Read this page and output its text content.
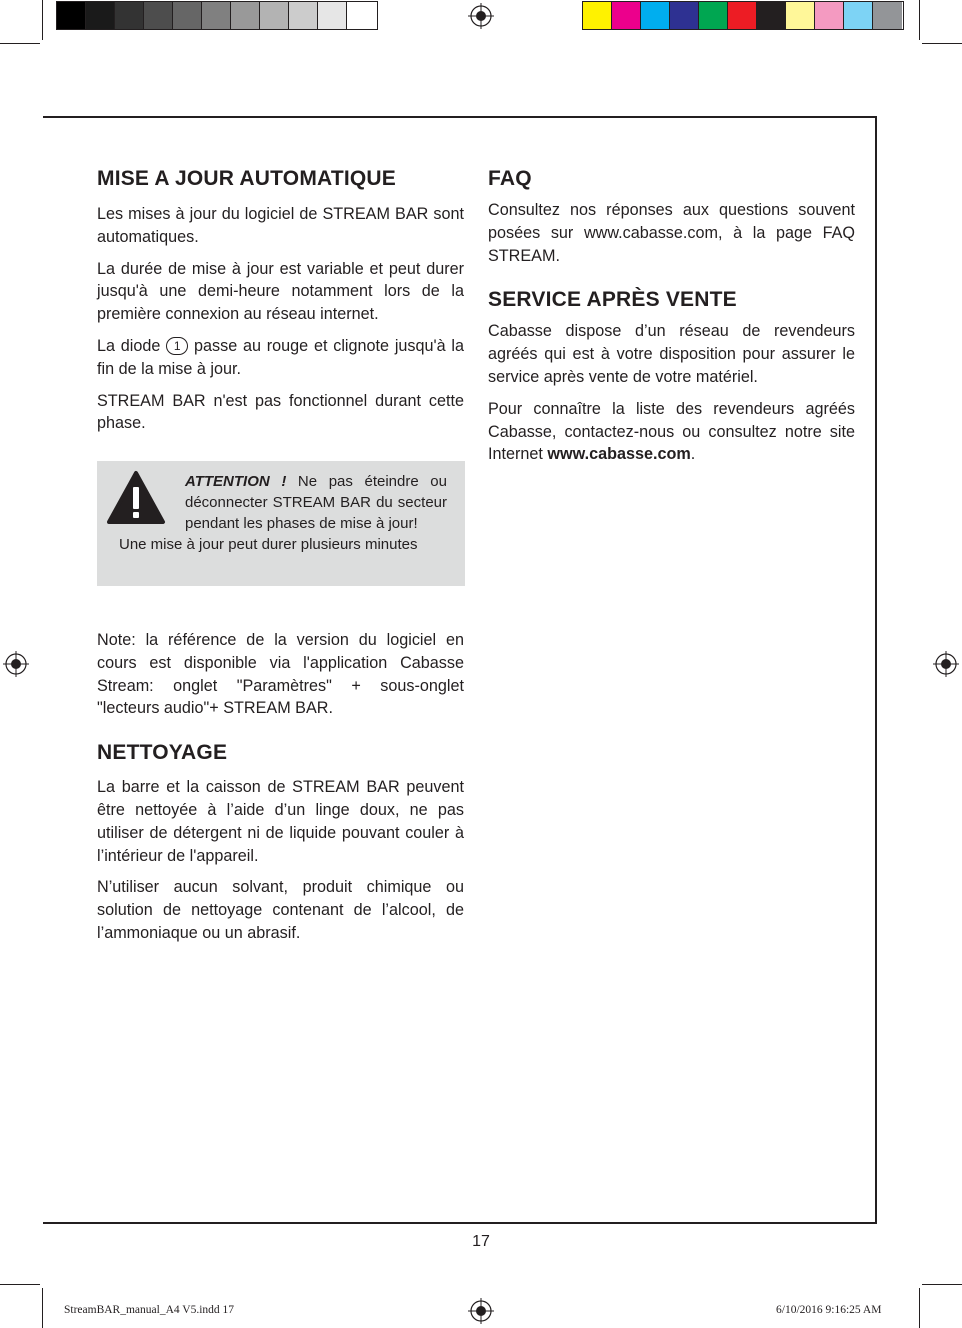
MISE A JOUR AUTOMATIQUE

Les mises à jour du logiciel de STREAM BAR sont automatiques.

La durée de mise à jour est variable et peut durer jusqu'à une demi-heure notamment lors de la première connexion au réseau internet.

La diode 1 passe au rouge et clignote jusqu'à la fin de la mise à jour.

STREAM BAR n'est pas fonctionnel durant cette phase.

ATTENTION ! Ne pas éteindre ou déconnecter STREAM BAR du secteur pendant les phases de mise à jour!
Une mise à jour peut durer plusieurs minutes

Note: la référence de la version du logiciel en cours est disponible via l'application Cabasse Stream: onglet "Paramètres" + sous-onglet "lecteurs audio"+ STREAM BAR.

NETTOYAGE

La barre et la caisson de STREAM BAR peuvent être nettoyée à l’aide d’un linge doux, ne pas utiliser de détergent ni de liquide pouvant couler à l’intérieur de l'appareil.

N’utiliser aucun solvant, produit chimique ou solution de nettoyage contenant de l’alcool, de l’ammoniaque ou un abrasif.

FAQ

Consultez nos réponses aux questions souvent posées sur www.cabasse.com, à la page FAQ STREAM.

SERVICE APRÈS VENTE

Cabasse dispose d’un réseau de revendeurs agréés qui est à votre disposition pour assurer le service après vente de votre matériel.

Pour connaître la liste des revendeurs agréés Cabasse, contactez-nous ou consultez notre site Internet www.cabasse.com.

17
StreamBAR_manual_A4 V5.indd 17	6/10/2016 9:16:25 AM
